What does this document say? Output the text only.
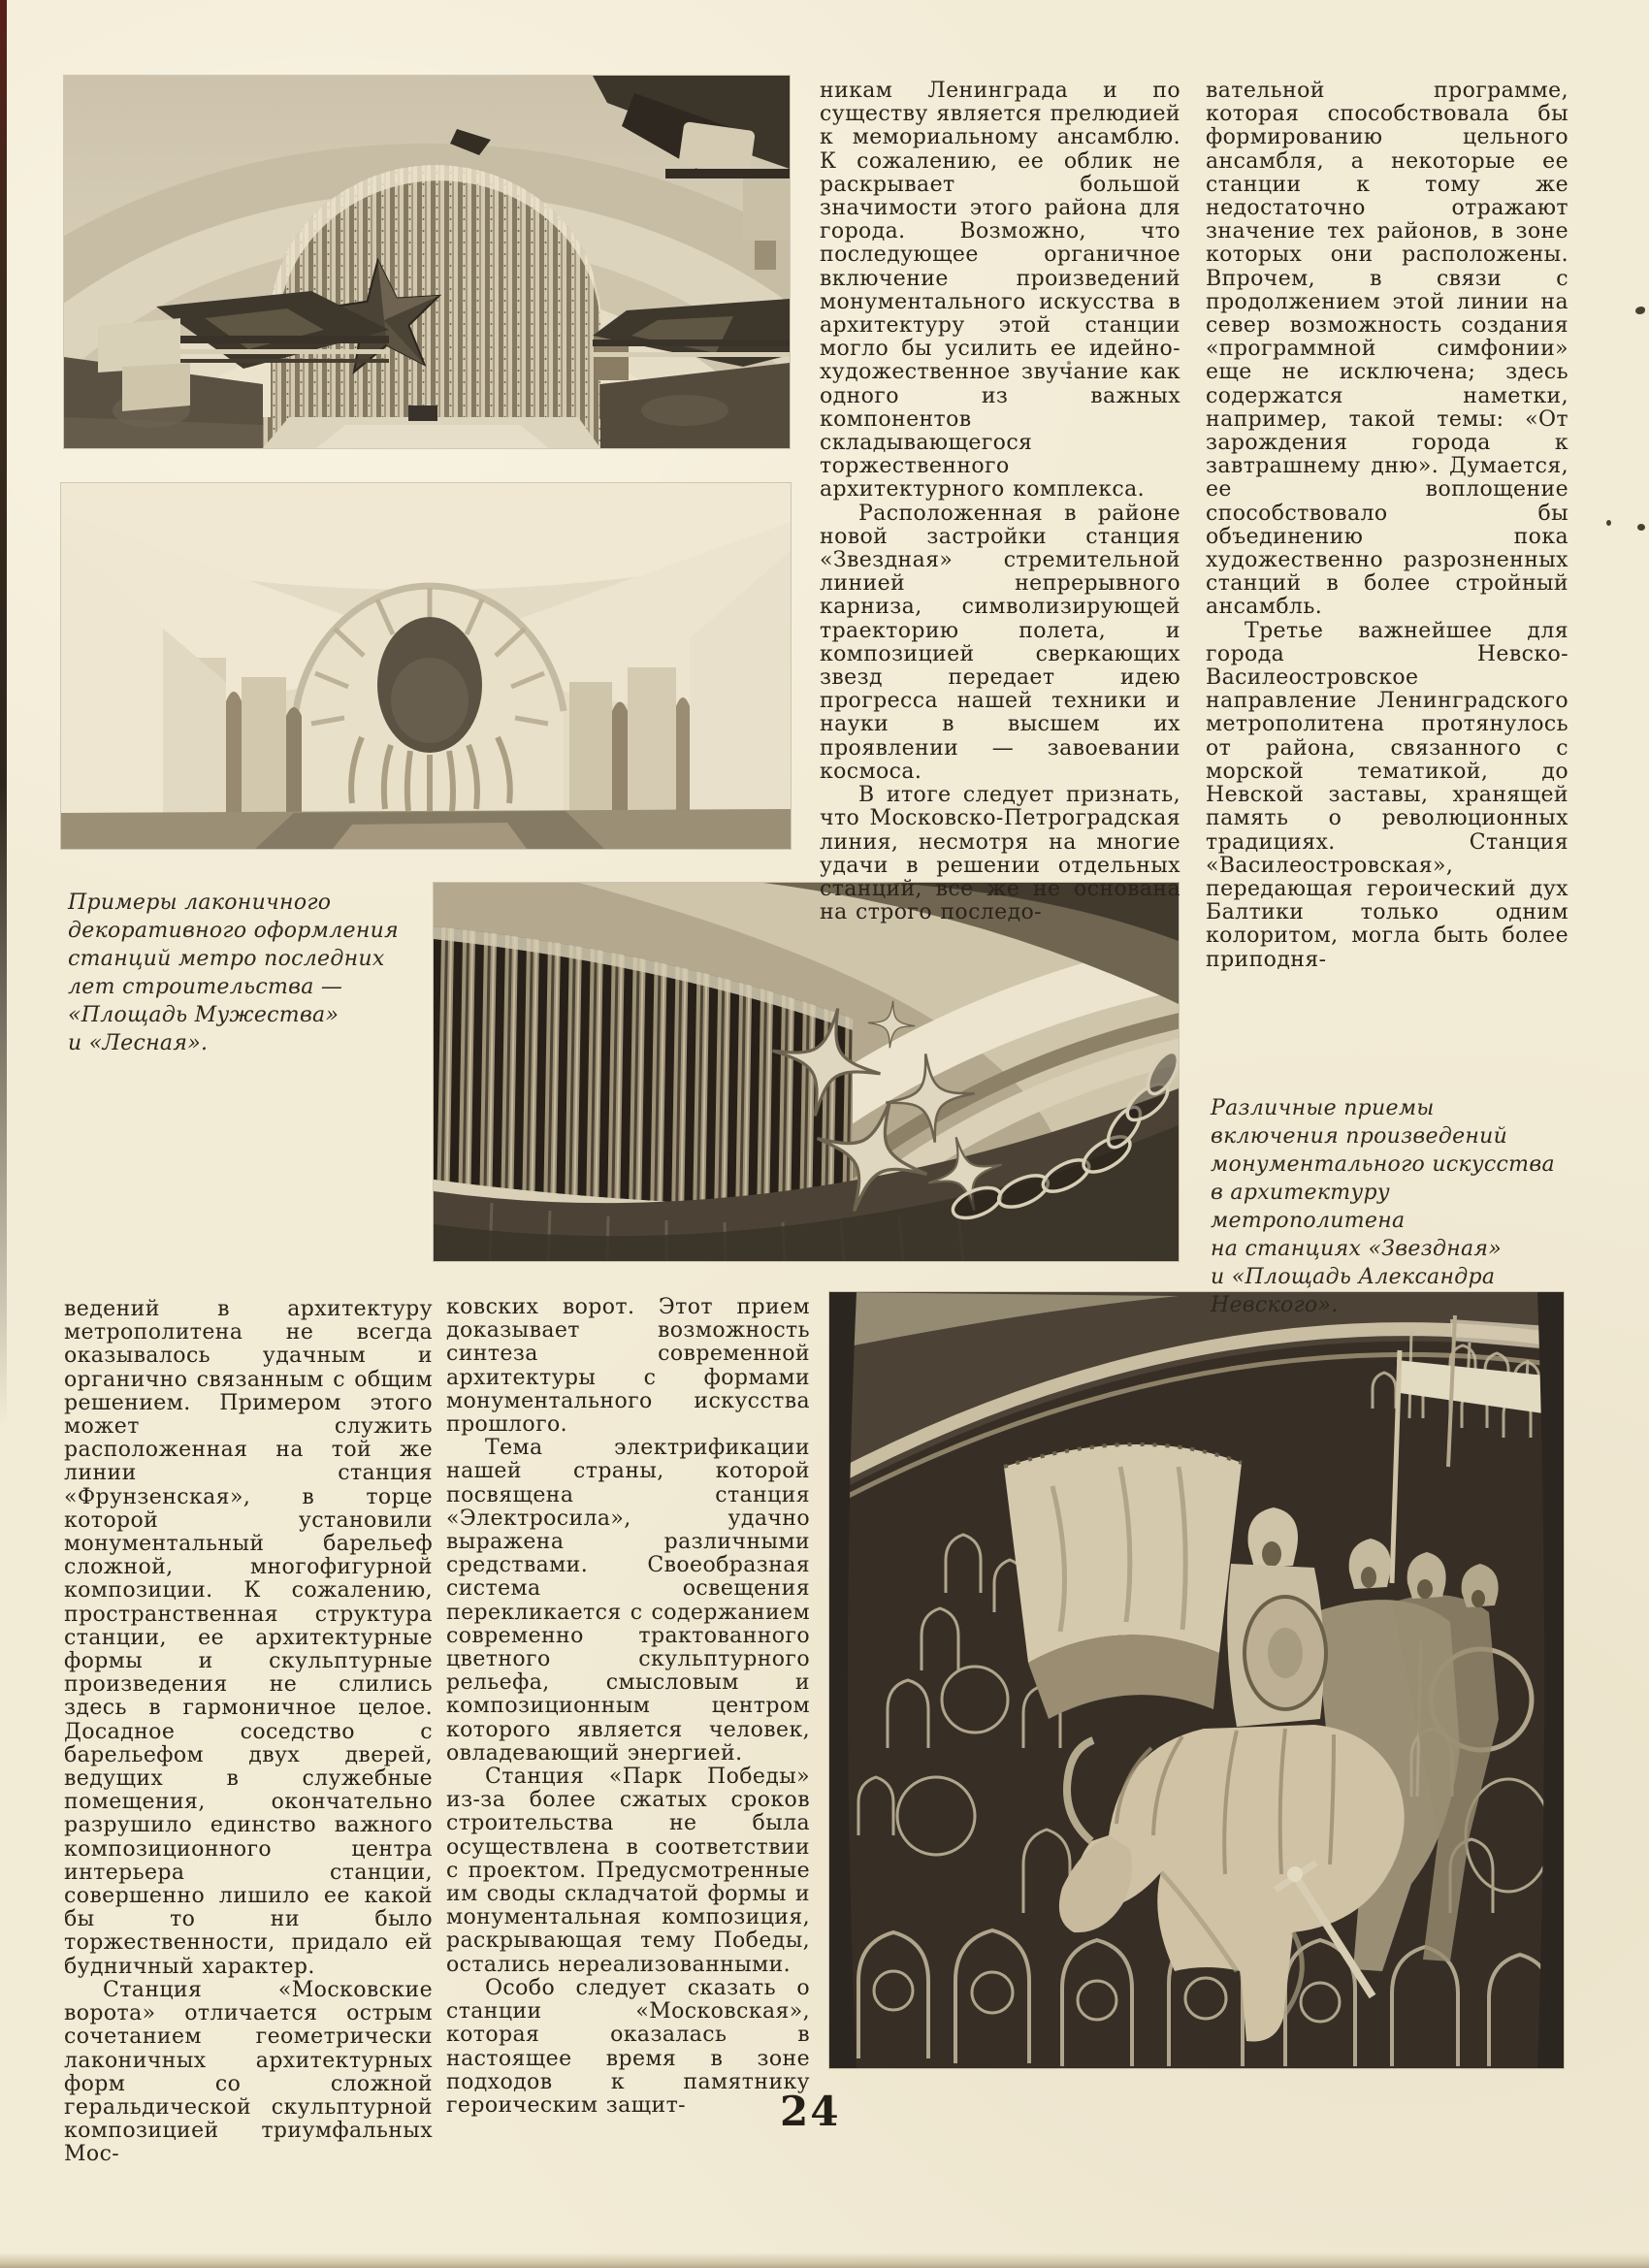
никам Ленинграда и по существу является прелюдией к мемориальному ансамблю. К сожалению, ее облик не раскрывает большой значимости этого района для города. Возможно, что последующее органичное включение произведений монументального искусства в архитектуру этой станции могло бы усилить ее идейно-художественное звучание как одного из важных компонентов складывающегося торжественного архитектурного комплекса.

Расположенная в районе новой застройки станция «Звездная» стремительной линией непрерывного карниза, символизирующей траекторию полета, и композицией сверкающих звезд передает идею прогресса нашей техники и науки в высшем их проявлении — завоевании космоса.

В итоге следует признать, что Московско-Петроградская линия, несмотря на многие удачи в решении отдельных станций, все же не основана на строго последо-

вательной программе, которая способствовала бы формированию цельного ансамбля, а некоторые ее станции к тому же недостаточно отражают значение тех районов, в зоне которых они расположены. Впрочем, в связи с продолжением этой линии на север возможность создания «программной симфонии» еще не исключена; здесь содержатся наметки, например, такой темы: «От зарождения города к завтрашнему дню». Думается, ее воплощение способствовало бы объединению пока художественно разрозненных станций в более стройный ансамбль.

Третье важнейшее для города Невско-Василеостровское направление Ленинградского метрополитена протянулось от района, связанного с морской тематикой, до Невской заставы, хранящей память о революционных традициях. Станция «Василеостровская», передающая героический дух Балтики только одним колоритом, могла быть более приподня-

Примеры лаконичного
декоративного оформления
станций метро последних
лет строительства —
«Площадь Мужества»
и «Лесная».
Различные приемы
включения произведений
монументального искусства
в архитектуру метрополитена
на станциях «Звездная»
и «Площадь Александра
Невского».

ведений в архитектуру метрополитена не всегда оказывалось удачным и органично связанным с общим решением. Примером этого может служить расположенная на той же линии станция «Фрунзенская», в торце которой установили монументальный барельеф сложной, многофигурной композиции. К сожалению, пространственная структура станции, ее архитектурные формы и скульптурные произведения не слились здесь в гармоничное целое. Досадное соседство с барельефом двух дверей, ведущих в служебные помещения, окончательно разрушило единство важного композиционного центра интерьера станции, совершенно лишило ее какой бы то ни было торжественности, придало ей будничный характер.

Станция «Московские ворота» отличается острым сочетанием геометрически лаконичных архитектурных форм со сложной геральдической скульптурной композицией триумфальных Мос-

ковских ворот. Этот прием доказывает возможность синтеза современной архитектуры с формами монументального искусства прошлого.

Тема электрификации нашей страны, которой посвящена станция «Электросила», удачно выражена различными средствами. Своеобразная система освещения перекликается с содержанием современно трактованного цветного скульптурного рельефа, смысловым и композиционным центром которого является человек, овладевающий энергией.

Станция «Парк Победы» из-за более сжатых сроков строительства не была осуществлена в соответствии с проектом. Предусмотренные им своды складчатой формы и монументальная композиция, раскрывающая тему Победы, остались нереализованными.

Особо следует сказать о станции «Московская», которая оказалась в настоящее время в зоне подходов к памятнику героическим защит-	24
